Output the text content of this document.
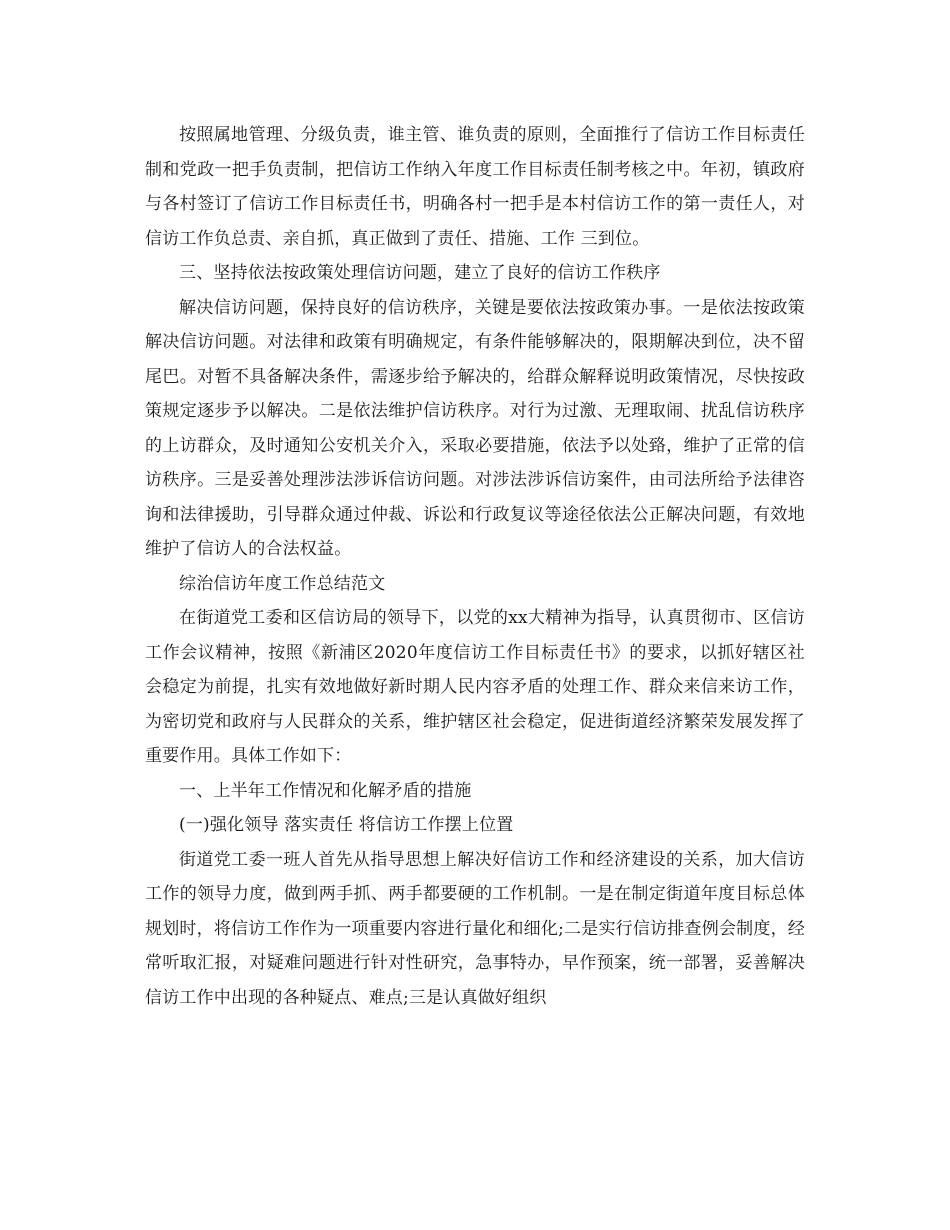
按照属地管理、分级负责，谁主管、谁负责的原则，全面推行了信访工作目标责任制和党政一把手负责制，把信访工作纳入年度工作目标责任制考核之中。年初，镇政府与各村签订了信访工作目标责任书，明确各村一把手是本村信访工作的第一责任人，对信访工作负总责、亲自抓，真正做到了责任、措施、工作 三到位。

三、坚持依法按政策处理信访问题，建立了良好的信访工作秩序

解决信访问题，保持良好的信访秩序，关键是要依法按政策办事。一是依法按政策解决信访问题。对法律和政策有明确规定，有条件能够解决的，限期解决到位，决不留尾巴。对暂不具备解决条件，需逐步给予解决的，给群众解释说明政策情况，尽快按政策规定逐步予以解决。二是依法维护信访秩序。对行为过激、无理取闹、扰乱信访秩序的上访群众，及时通知公安机关介入，采取必要措施，依法予以处臵，维护了正常的信访秩序。三是妥善处理涉法涉诉信访问题。对涉法涉诉信访案件，由司法所给予法律咨询和法律援助，引导群众通过仲裁、诉讼和行政复议等途径依法公正解决问题，有效地维护了信访人的合法权益。

综治信访年度工作总结范文

在街道党工委和区信访局的领导下，以党的xx大精神为指导，认真贯彻市、区信访工作会议精神，按照《新浦区2020年度信访工作目标责任书》的要求，以抓好辖区社会稳定为前提，扎实有效地做好新时期人民内容矛盾的处理工作、群众来信来访工作，为密切党和政府与人民群众的关系，维护辖区社会稳定，促进街道经济繁荣发展发挥了重要作用。具体工作如下：

一、上半年工作情况和化解矛盾的措施

(一)强化领导 落实责任 将信访工作摆上位置

街道党工委一班人首先从指导思想上解决好信访工作和经济建设的关系，加大信访工作的领导力度，做到两手抓、两手都要硬的工作机制。一是在制定街道年度目标总体规划时，将信访工作作为一项重要内容进行量化和细化;二是实行信访排查例会制度，经常听取汇报，对疑难问题进行针对性研究，急事特办，早作预案，统一部署，妥善解决信访工作中出现的各种疑点、难点;三是认真做好组织
